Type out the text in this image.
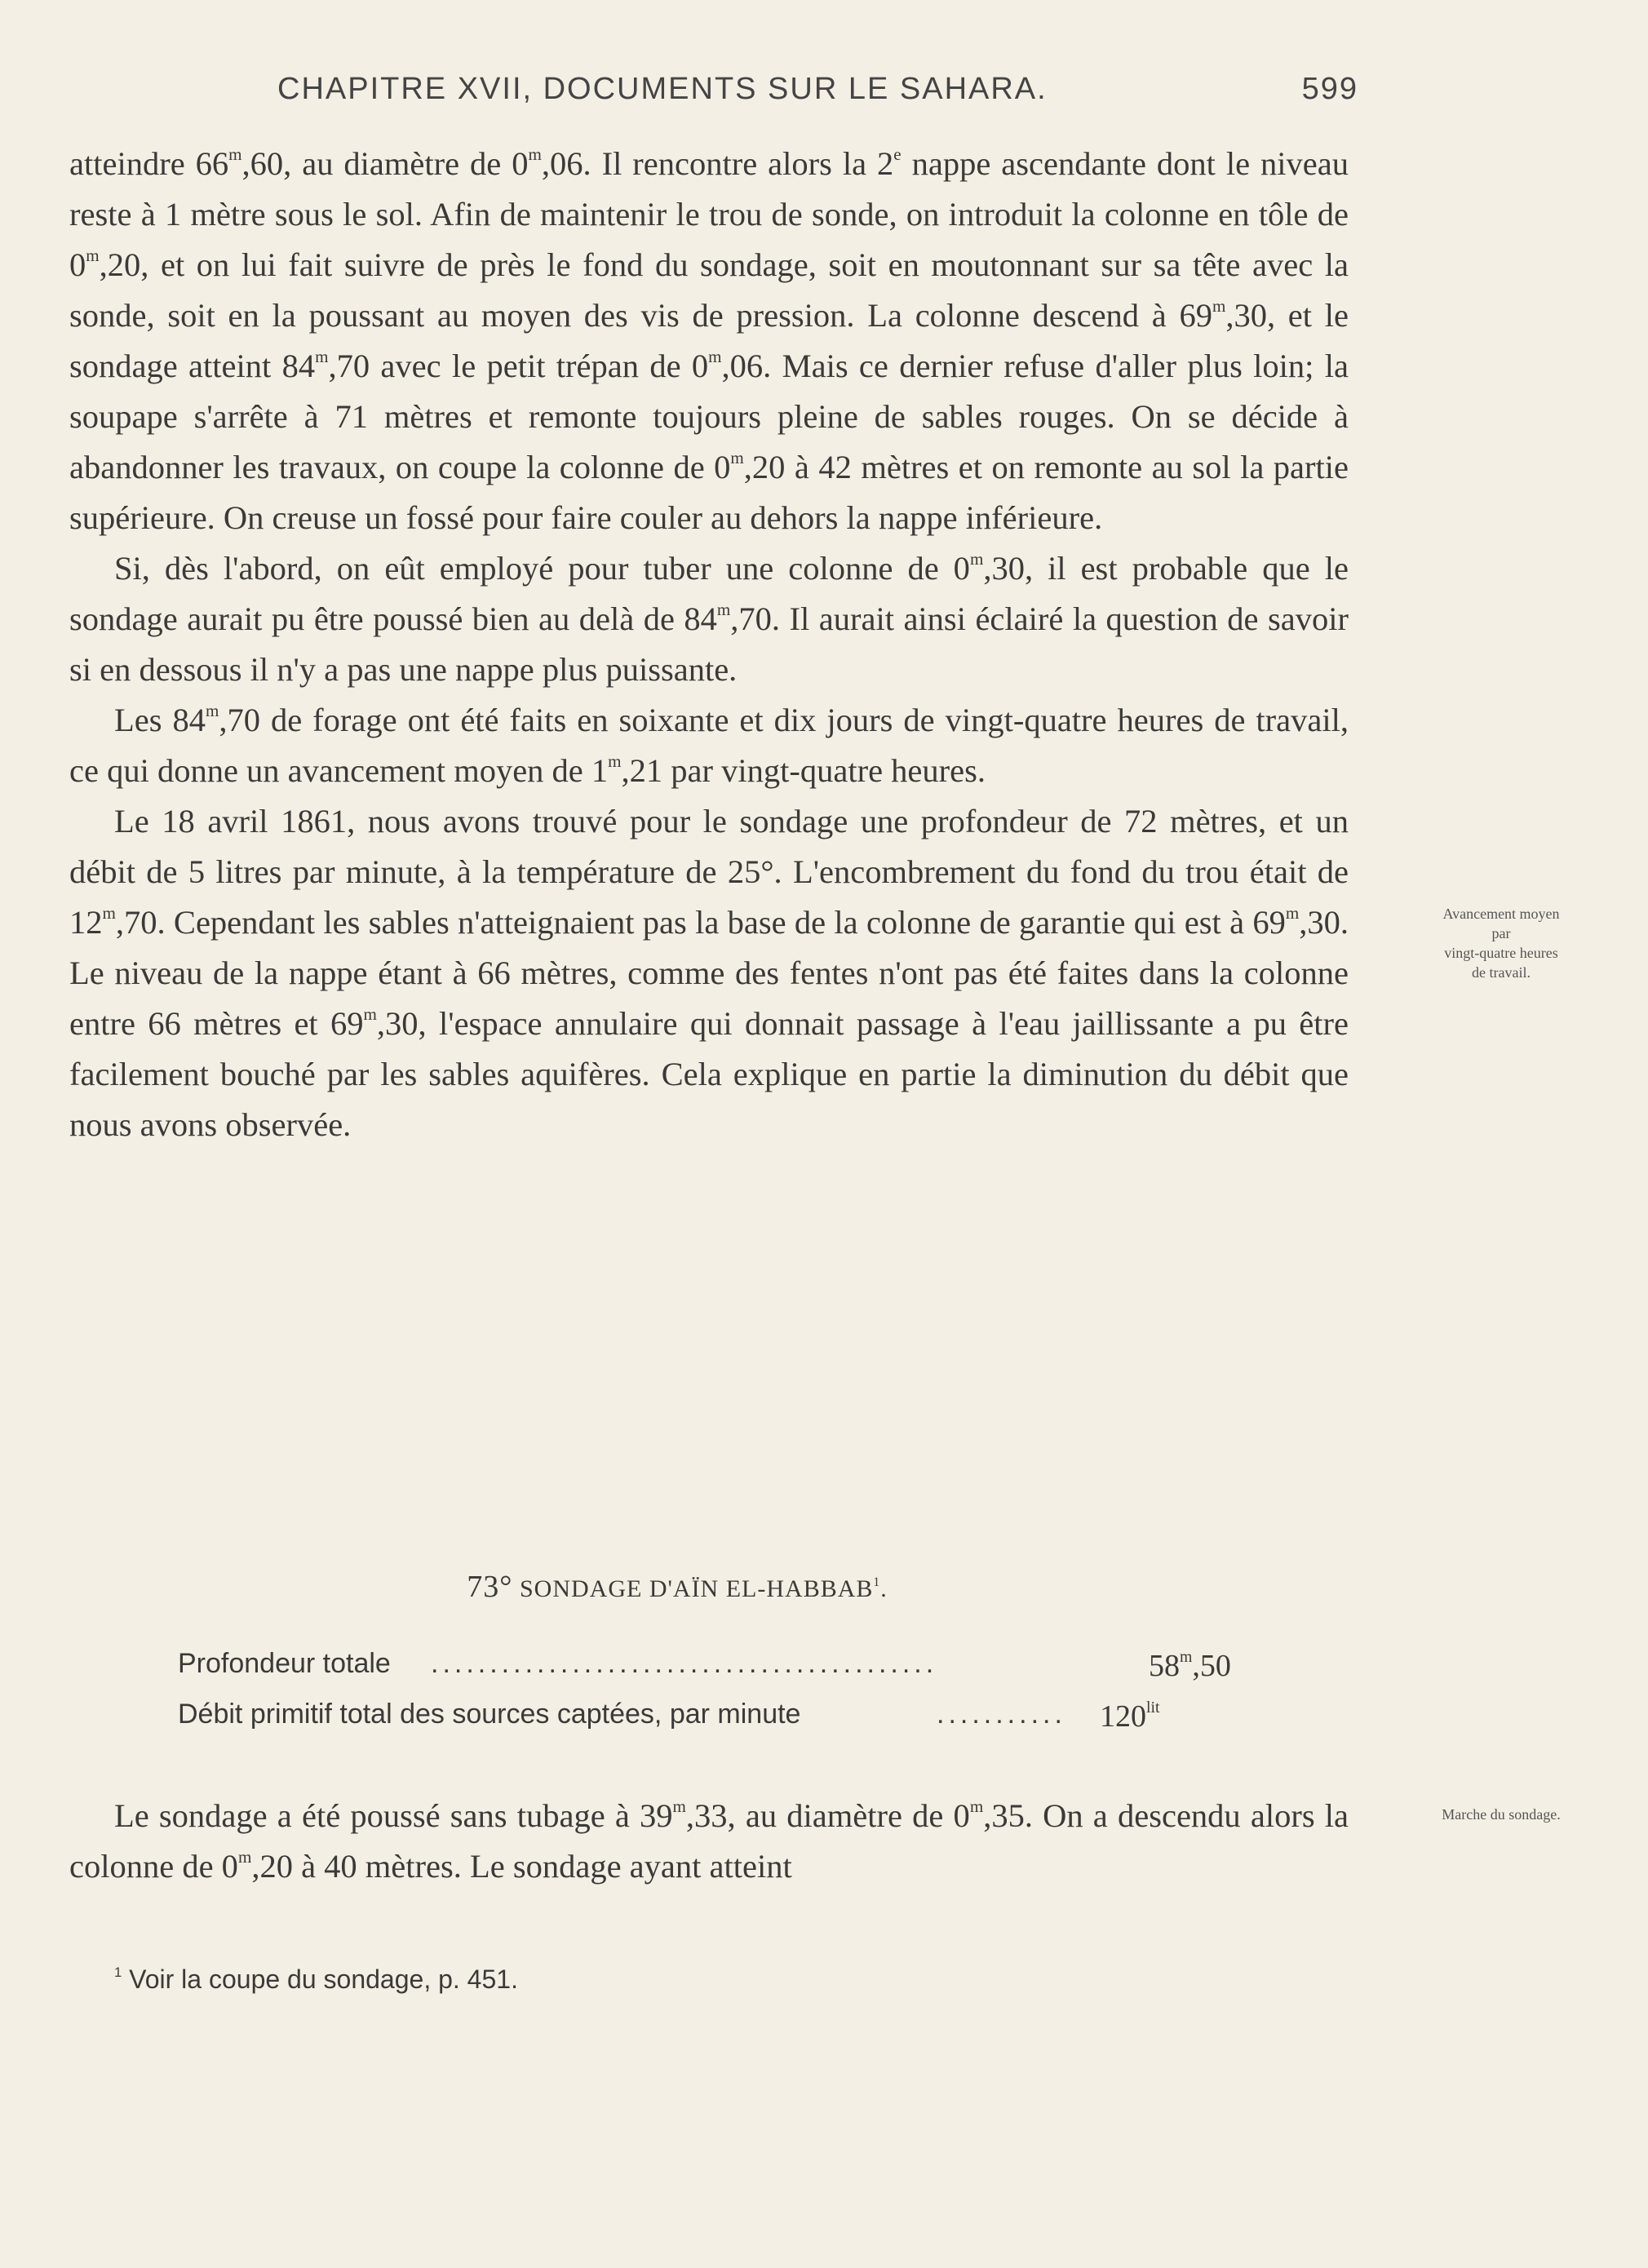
CHAPITRE XVII, DOCUMENTS SUR LE SAHARA.	599

atteindre 66$^m$,60, au diamètre de 0$^m$,06. Il rencontre alors la 2e nappe ascendante dont le niveau reste à 1 mètre sous le sol. Afin de maintenir le trou de sonde, on introduit la colonne en tôle de 0$^m$,20, et on lui fait suivre de près le fond du sondage, soit en moutonnant sur sa tête avec la sonde, soit en la poussant au moyen des vis de pression. La colonne descend à 69$^m$,30, et le sondage atteint 84$^m$,70 avec le petit trépan de 0$^m$,06. Mais ce dernier refuse d'aller plus loin; la soupape s'arrête à 71 mètres et remonte toujours pleine de sables rouges. On se décide à abandonner les travaux, on coupe la colonne de 0$^m$,20 à 42 mètres et on remonte au sol la partie supérieure. On creuse un fossé pour faire couler au dehors la nappe inférieure.

Si, dès l'abord, on eût employé pour tuber une colonne de 0$^m$,30, il est probable que le sondage aurait pu être poussé bien au delà de 84$^m$,70. Il aurait ainsi éclairé la question de savoir si en dessous il n'y a pas une nappe plus puissante.

Les 84$^m$,70 de forage ont été faits en soixante et dix jours de vingt-quatre heures de travail, ce qui donne un avancement moyen de 1$^m$,21 par vingt-quatre heures.

Le 18 avril 1861, nous avons trouvé pour le sondage une profondeur de 72 mètres, et un débit de 5 litres par minute, à la température de 25°. L'encombrement du fond du trou était de 12$^m$,70. Cependant les sables n'atteignaient pas la base de la colonne de garantie qui est à 69$^m$,30. Le niveau de la nappe étant à 66 mètres, comme des fentes n'ont pas été faites dans la colonne entre 66 mètres et 69$^m$,30, l'espace annulaire qui donnait passage à l'eau jaillissante a pu être facilement bouché par les sables aquifères. Cela explique en partie la diminution du débit que nous avons observée.

Avancement moyen
par
vingt-quatre heures
de travail.
73° SONDAGE D'AÏN EL-HABBAB$^1$.
Profondeur totale ...........................................	58$^m$,50
Débit primitif total des sources captées, par minute	...........	$120^{lit}$

Le sondage a été poussé sans tubage à 39$^m$,33, au diamètre de 0$^m$,35. On a descendu alors la colonne de 0$^m$,20 à 40 mètres. Le sondage ayant atteint

Marche du sondage.
$^1$ Voir la coupe du sondage, p. 451.
